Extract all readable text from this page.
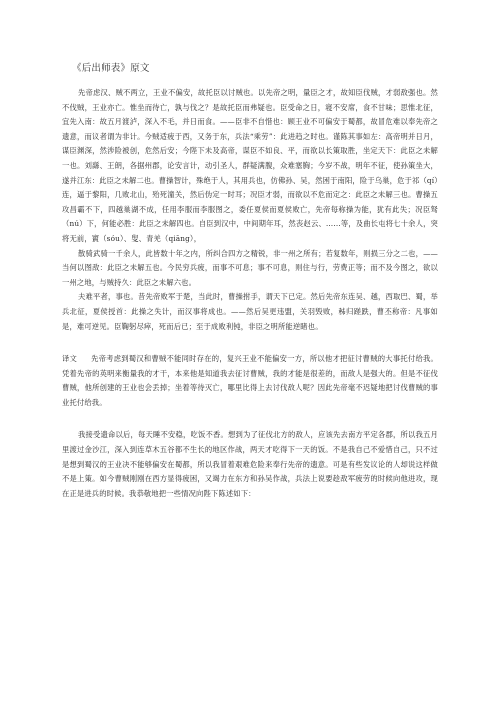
《后出师表》原文

先帝虑汉、贼不两立，王业不偏安，故托臣以讨贼也。以先帝之明，量臣之才，故知臣伐贼，才弱敌强也。然不伐贼，王业亦亡。惟坐而待亡，孰与伐之？是故托臣而弗疑也。臣受命之日，寝不安席，食不甘味；思惟北征，宜先入南：故五月渡泸，深入不毛，并日而食。——臣非不自惜也：顾王业不可偏安于蜀都，故冒危难以奉先帝之遗意，而议者谓为非计。今贼适疲于西，又务于东，兵法“乘劳”：此进趋之时也。谨陈其事如左：高帝明并日月，谋臣渊深，然涉险被创，危然后安；今陛下未及高帝，谋臣不如良、平，而欲以长策取胜，坐定天下：此臣之未解一也。刘繇、王朗，各据州郡，论安言计，动引圣人，群疑满腹，众难塞胸；今岁不战，明年不征，使孙策坐大，遂并江东：此臣之未解二也。曹操智计，殊绝于人，其用兵也，仿佛孙、吴，然困于南阳，险于乌巢，危于祁（qí）连，逼于黎阳，几败北山，殆死潼关，然后伪定一时耳；况臣才弱，而欲以不危而定之：此臣之未解三也。曹操五攻昌霸不下，四越巢湖不成，任用李服而李服图之，委任夏侯而夏侯败亡，先帝每称操为能，犹有此失；况臣驽（nú）下，何能必胜：此臣之未解四也。自臣到汉中，中间期年耳，然丧赵云、……等，及曲长屯将七十余人，突将无前，賨（sóu）、叟、青羌（qiāng），

散骑武骑一千余人，此皆数十年之内，所纠合四方之精锐，非一州之所有；若复数年，则损三分之二也，——当何以图敌：此臣之未解五也。今民穷兵疲，而事不可息；事不可息，则住与行，劳费正等；而不及今图之，欲以一州之地，与贼持久：此臣之未解六也。

夫难平者，事也。昔先帝败军于楚，当此时，曹操拊手，谓天下已定。然后先帝东连吴、越，西取巴、蜀，举兵北征，夏侯授首：此操之失计，而汉事将成也。——然后吴更违盟，关羽毁败，秭归蹉跌，曹丕称帝：凡事如是，难可逆见。臣鞠躬尽瘁，死而后已；至于成败利钝，非臣之明所能逆睹也。

译文 先帝考虑到蜀汉和曹贼不能同时存在的，复兴王业不能偏安一方，所以他才把征讨曹贼的大事托付给我。凭着先帝的英明来衡量我的才干，本来他是知道我去征讨曹贼，我的才能是很差的，而敌人是强大的。但是不征伐曹贼，他所创建的王业也会丢掉；坐着等待灭亡，哪里比得上去讨伐敌人呢？因此先帝毫不迟疑地把讨伐曹贼的事业托付给我。

我接受遗命以后，每天睡不安稳，吃饭不香。想到为了征伐北方的敌人，应该先去南方平定各郡，所以我五月里渡过金沙江，深入到连草木五谷都不生长的地区作战，两天才吃得下一天的饭。不是我自己不爱惜自己，只不过是想到蜀汉的王业决不能够偏安在蜀都，所以我冒着艰难危险来奉行先帝的遗意。可是有些发议论的人却说这样做不是上策。如今曹贼刚刚在西方显得疲困，又竭力在东方和孙吴作战，兵法上说要趁敌军疲劳的时候向他进攻，现在正是进兵的时候。我恭敬地把一些情况向陛下陈述如下：
